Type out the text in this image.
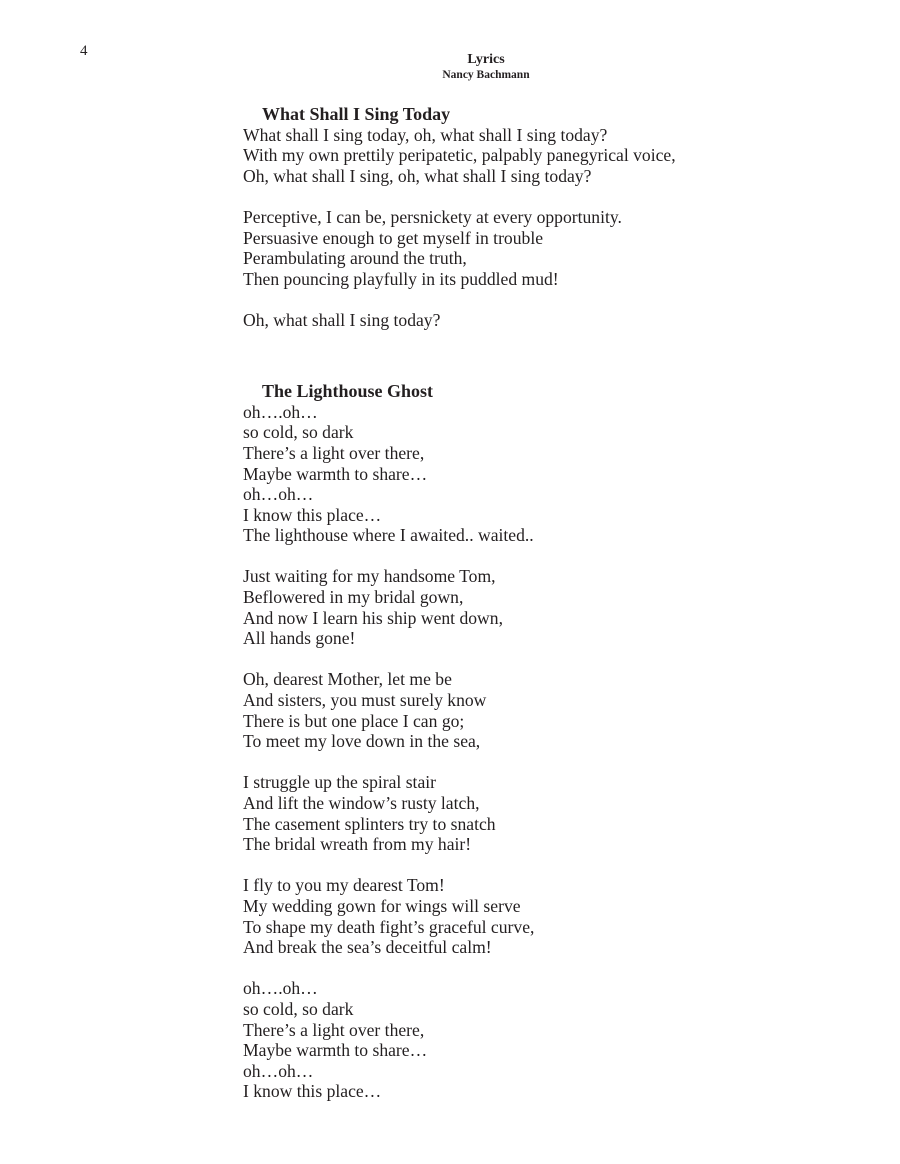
4
Lyrics
Nancy Bachmann
What Shall I Sing Today
What shall I sing today, oh, what shall I sing today?
With my own prettily peripatetic, palpably panegyrical voice,
Oh, what shall I sing, oh, what shall I sing today?
Perceptive, I can be, persnickety at every opportunity.
Persuasive enough to get myself in trouble
Perambulating around the truth,
Then pouncing playfully in its puddled mud!
Oh, what shall I sing today?
The Lighthouse Ghost
oh….oh…
so cold, so dark
There’s a light over there,
Maybe warmth to share…
oh…oh…
I know this place…
The lighthouse where I awaited.. waited..
Just waiting for my handsome Tom,
Beflowered in my bridal gown,
And now I learn his ship went down,
All hands gone!
Oh, dearest Mother, let me be
And sisters, you must surely know
There is but one place I can go;
To meet my love down in the sea,
I struggle up the spiral stair
And lift the window’s rusty latch,
The casement splinters try to snatch
The bridal wreath from my hair!
I fly to you my dearest Tom!
My wedding gown for wings will serve
To shape my death fight’s graceful curve,
And break the sea’s deceitful calm!
oh….oh…
so cold, so dark
There’s a light over there,
Maybe warmth to share…
oh…oh…
I know this place…
